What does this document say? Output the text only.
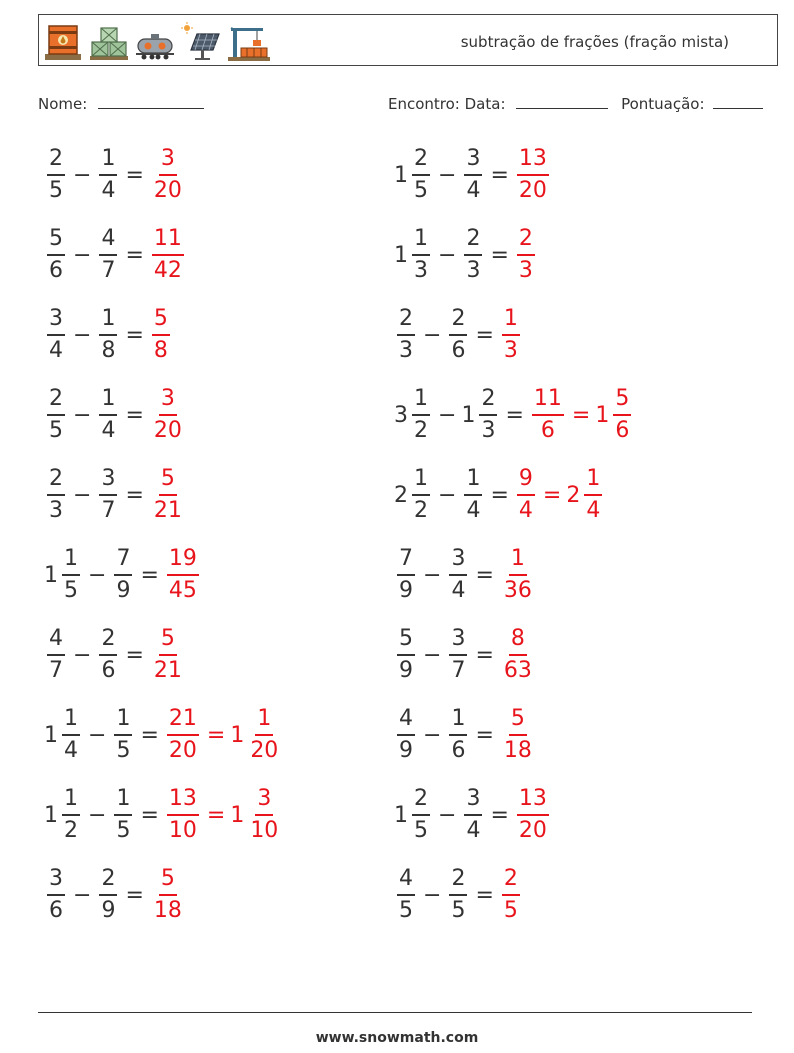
subtração de frações (fração mista)
Nome:	Encontro: Data:	Pontuação:
$\frac{2}{5} - \frac{1}{4} = \frac{3}{20}$
$\frac{5}{6} - \frac{4}{7} = \frac{11}{42}$
$\frac{3}{4} - \frac{1}{8} = \frac{5}{8}$
$\frac{2}{5} - \frac{1}{4} = \frac{3}{20}$
$\frac{2}{3} - \frac{3}{7} = \frac{5}{21}$
$1 \frac{1}{5} - \frac{7}{9} = \frac{19}{45}$
$\frac{4}{7} - \frac{2}{6} = \frac{5}{21}$
$1 \frac{1}{4} - \frac{1}{5} = \frac{21}{20} = 1 \frac{1}{20}$
$1 \frac{1}{2} - \frac{1}{5} = \frac{13}{10} = 1 \frac{3}{10}$
$\frac{3}{6} - \frac{2}{9} = \frac{5}{18}$
$1 \frac{2}{5} - \frac{3}{4} = \frac{13}{20}$
$1 \frac{1}{3} - \frac{2}{3} = \frac{2}{3}$
$\frac{2}{3} - \frac{2}{6} = \frac{1}{3}$
$3 \frac{1}{2} - 1 \frac{2}{3} = \frac{11}{6} = 1 \frac{5}{6}$
$2 \frac{1}{2} - \frac{1}{4} = \frac{9}{4} = 2 \frac{1}{4}$
$\frac{7}{9} - \frac{3}{4} = \frac{1}{36}$
$\frac{5}{9} - \frac{3}{7} = \frac{8}{63}$
$\frac{4}{9} - \frac{1}{6} = \frac{5}{18}$
$1 \frac{2}{5} - \frac{3}{4} = \frac{13}{20}$
$\frac{4}{5} - \frac{2}{5} = \frac{2}{5}$
www.snowmath.com
